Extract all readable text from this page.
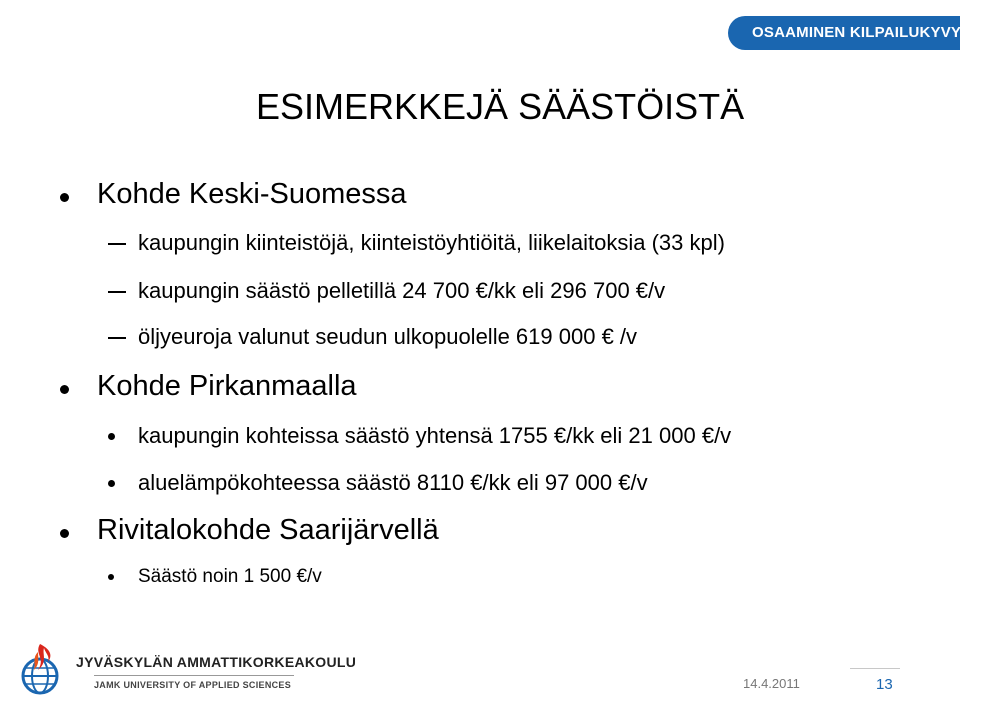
OSAAMINEN KILPAILUKYVYKSI
ESIMERKKEJÄ SÄÄSTÖISTÄ
Kohde Keski-Suomessa
kaupungin kiinteistöjä, kiinteistöyhtiöitä, liikelaitoksia (33 kpl)
kaupungin säästö pelletillä 24 700 €/kk eli 296 700 €/v
öljyeuroja valunut seudun ulkopuolelle 619 000 € /v
Kohde Pirkanmaalla
kaupungin kohteissa säästö yhtensä 1755 €/kk eli 21 000 €/v
aluelämpökohteessa säästö 8110 €/kk eli 97 000 €/v
Rivitalokohde Saarijärvellä
Säästö noin 1 500 €/v
JYVÄSKYLÄN AMMATTIKORKEAKOULU
JAMK UNIVERSITY OF APPLIED SCIENCES	14.4.2011	13
